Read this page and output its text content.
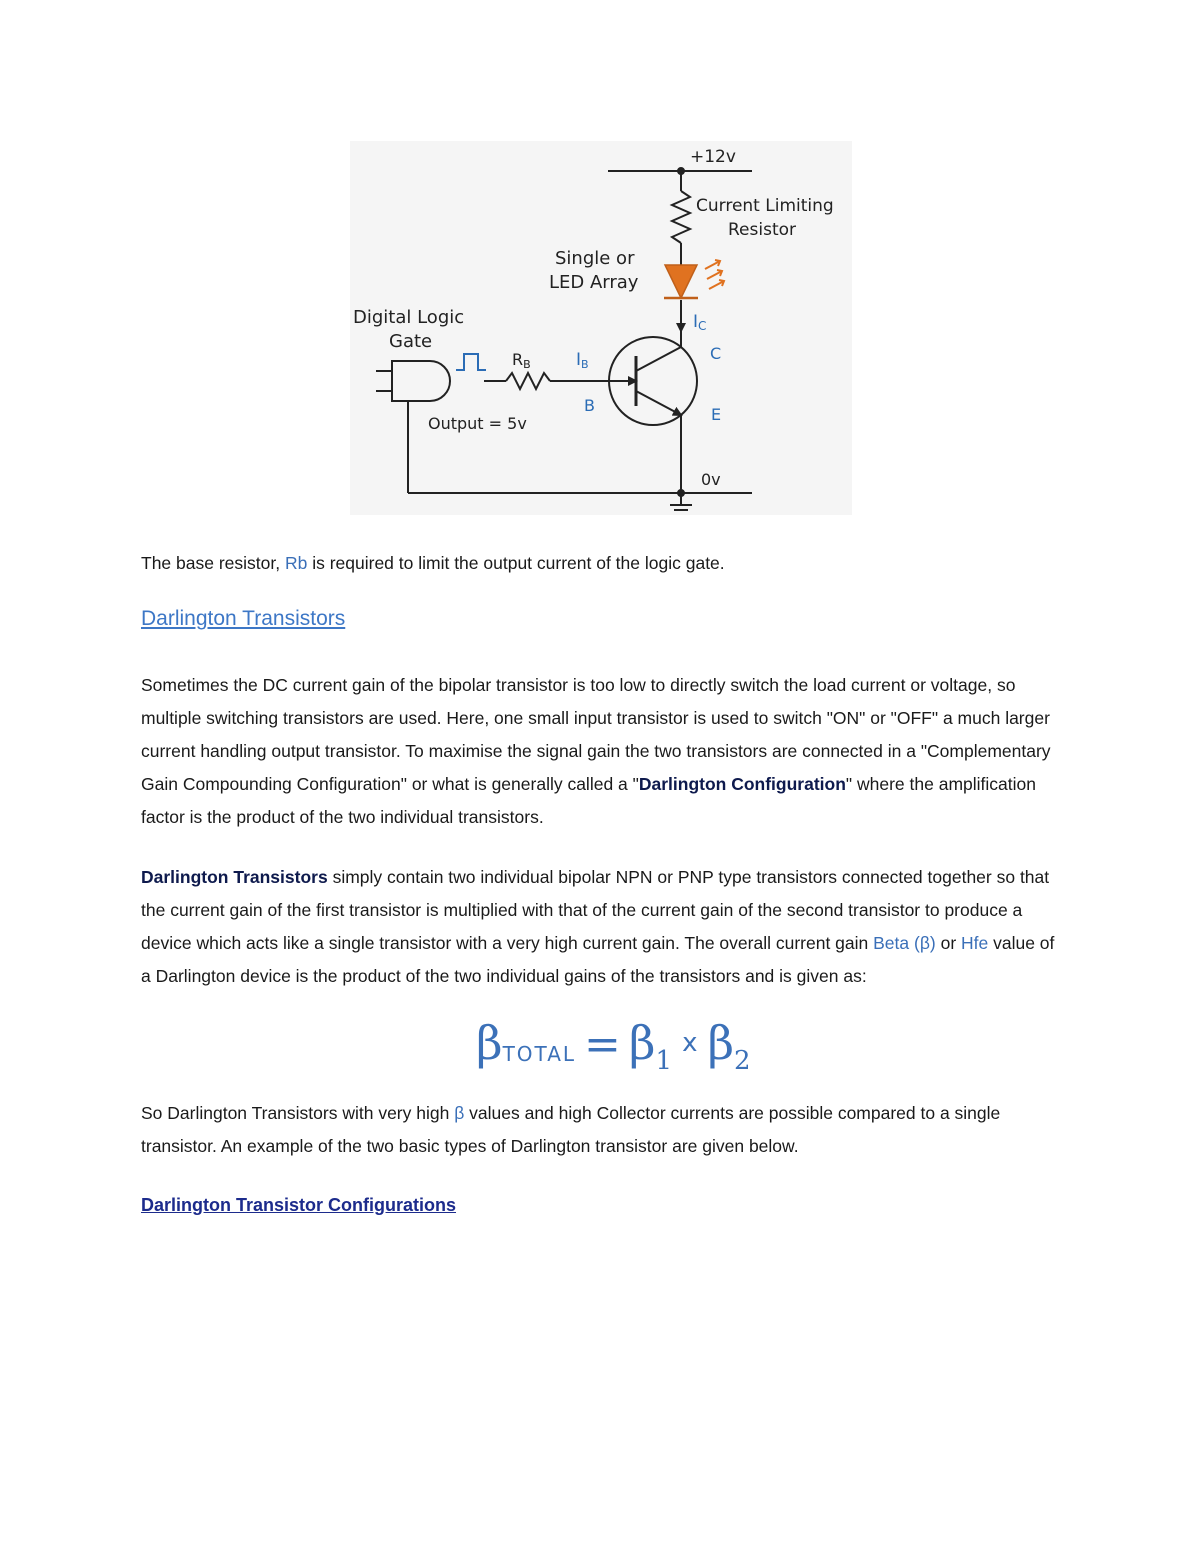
+12v
Current Limiting
Resistor
Single or
LED Array
Digital Logic
Gate
RB	IB
IC
C
B	E
Output = 5v
0v

The base resistor, Rb is required to limit the output current of the logic gate.

Darlington Transistors

Sometimes the DC current gain of the bipolar transistor is too low to directly switch the load current or voltage, so multiple switching transistors are used. Here, one small input transistor is used to switch "ON" or "OFF" a much larger current handling output transistor. To maximise the signal gain the two transistors are connected in a "Complementary Gain Compounding Configuration" or what is generally called a "Darlington Configuration" where the amplification factor is the product of the two individual transistors.

Darlington Transistors simply contain two individual bipolar NPN or PNP type transistors connected together so that the current gain of the first transistor is multiplied with that of the current gain of the second transistor to produce a device which acts like a single transistor with a very high current gain. The overall current gain Beta (β) or Hfe value of a Darlington device is the product of the two individual gains of the transistors and is given as:

βTOTAL = β1x β2

So Darlington Transistors with very high β values and high Collector currents are possible compared to a single transistor. An example of the two basic types of Darlington transistor are given below.

Darlington Transistor Configurations
